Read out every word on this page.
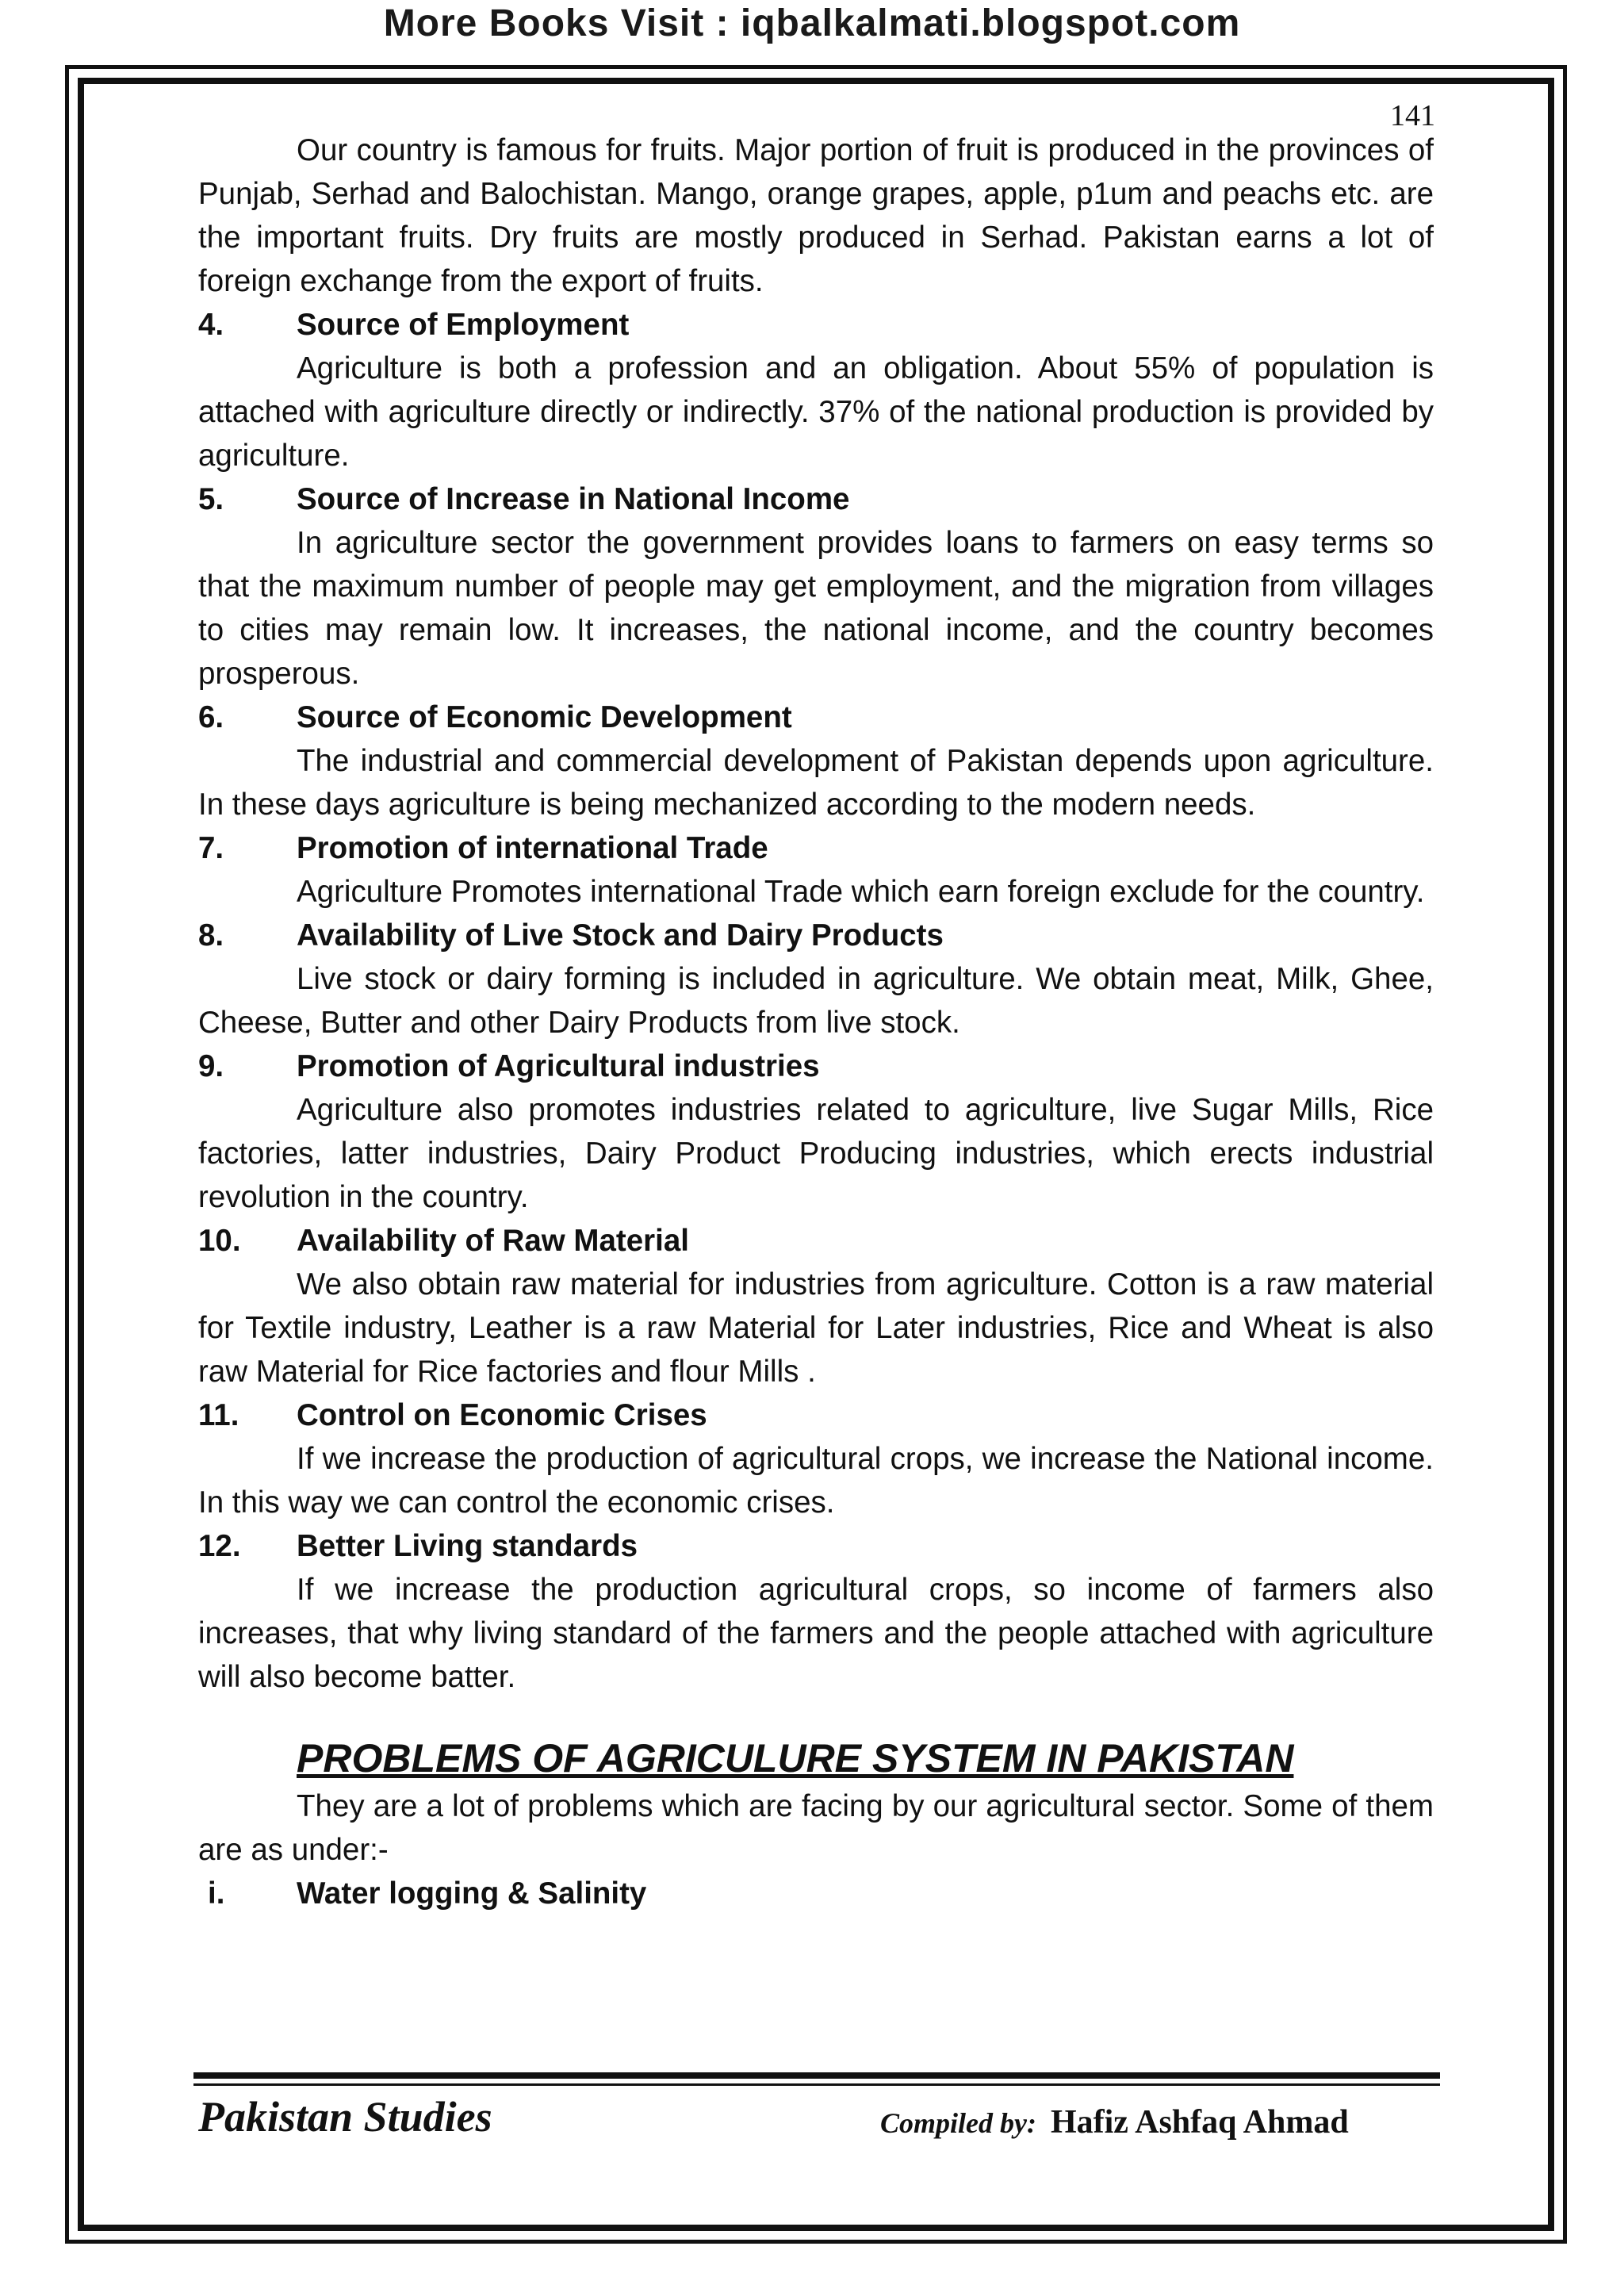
More Books Visit : iqbalkalmati.blogspot.com
141

Our country is famous for fruits. Major portion of fruit is produced in the provinces of Punjab, Serhad and Balochistan. Mango, orange grapes, apple, p1um and peachs etc. are the important fruits. Dry fruits are mostly produced in Serhad. Pakistan earns a lot of foreign exchange from the export of fruits.

4.	Source of Employment

Agriculture is both a profession and an obligation. About 55% of population is attached with agriculture directly or indirectly. 37% of the national production is provided by agriculture.

5.	Source of Increase in National Income

In agriculture sector the government provides loans to farmers on easy terms so that the maximum number of people may get employment, and the migration from villages to cities may remain low. It increases, the national income, and the country becomes prosperous.

6.	Source of Economic Development

The industrial and commercial development of Pakistan depends upon agriculture. In these days agriculture is being mechanized according to the modern needs.

7.	Promotion of international Trade

Agriculture Promotes international Trade which earn foreign exclude for the country.

8.	Availability of Live Stock and Dairy Products

Live stock or dairy forming is included in agriculture. We obtain meat, Milk, Ghee, Cheese, Butter and other Dairy Products from live stock.

9.	Promotion of Agricultural industries

Agriculture also promotes industries related to agriculture, live Sugar Mills, Rice factories, latter industries, Dairy Product Producing industries, which erects industrial revolution in the country.

10.	Availability of Raw Material

We also obtain raw material for industries from agriculture. Cotton is a raw material for Textile industry, Leather is a raw Material for Later industries, Rice and Wheat is also raw Material for Rice factories and flour Mills .

11.	Control on Economic Crises

If we increase the production of agricultural crops, we increase the National income. In this way we can control the economic crises.

12.	Better Living standards

If we increase the production agricultural crops, so income of farmers also increases, that why living standard of the farmers and the people attached with agriculture will also become batter.

PROBLEMS OF AGRICULURE SYSTEM IN PAKISTAN

They are a lot of problems which are facing by our agricultural sector. Some of them are as under:-

i.	Water logging & Salinity
Pakistan Studies	Compiled by: Hafiz Ashfaq Ahmad
